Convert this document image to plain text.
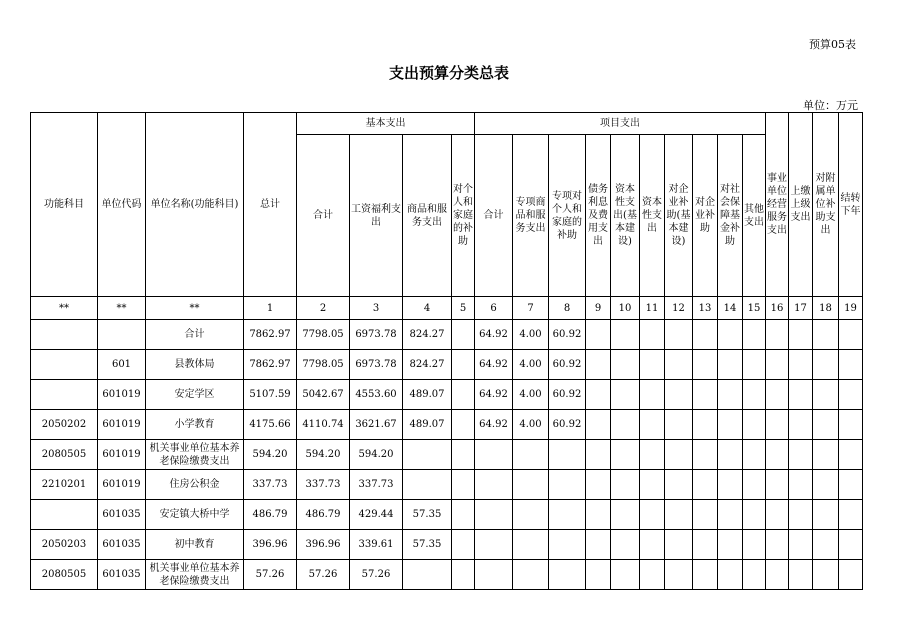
预算05表
支出预算分类总表
单位：万元
功能科目	单位代码	单位名称(功能科目)	总计	基本支出				项目支出										事业单位经营服务支出	上缴上级支出	对附属单位补助支出	结转下年
				合计	工资福利支出	商品和服务支出	对个人和家庭的补助	合计	专项商品和服务支出	专项对个人和家庭的补助	债务利息及费用支出	资本性支出(基本建设)	资本性支出	对企业补助(基本建设)	对企业补助	对社会保障基金补助	其他支出				
**	**	**	1	2	3	4	5	6	7	8	9	10	11	12	13	14	15	16	17	18	19
		合计	7862.97	7798.05	6973.78	824.27		64.92	4.00	60.92											
	601	县教体局	7862.97	7798.05	6973.78	824.27		64.92	4.00	60.92											
	601019	安定学区	5107.59	5042.67	4553.60	489.07		64.92	4.00	60.92											
2050202	601019	小学教育	4175.66	4110.74	3621.67	489.07		64.92	4.00	60.92											
2080505	601019	机关事业单位基本养老保险缴费支出	594.20	594.20	594.20																
2210201	601019	住房公积金	337.73	337.73	337.73																
	601035	安定镇大桥中学	486.79	486.79	429.44	57.35															
2050203	601035	初中教育	396.96	396.96	339.61	57.35															
2080505	601035	机关事业单位基本养老保险缴费支出	57.26	57.26	57.26																
